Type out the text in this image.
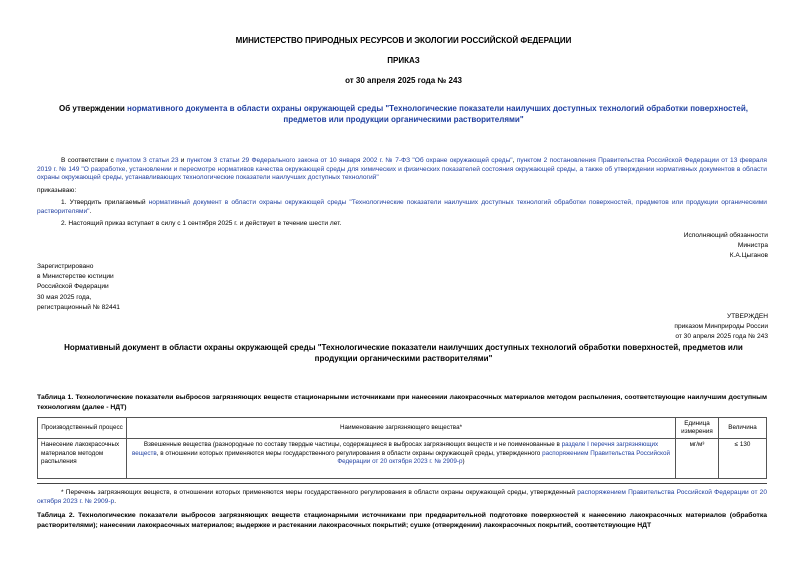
МИНИСТЕРСТВО ПРИРОДНЫХ РЕСУРСОВ И ЭКОЛОГИИ РОССИЙСКОЙ ФЕДЕРАЦИИ
ПРИКАЗ
от 30 апреля 2025 года № 243
Об утверждении нормативного документа в области охраны окружающей среды "Технологические показатели наилучших доступных технологий обработки поверхностей, предметов или продукции органическими растворителями"
В соответствии с пунктом 3 статьи 23 и пунктом 3 статьи 29 Федерального закона от 10 января 2002 г. № 7-ФЗ "Об охране окружающей среды", пунктом 2 постановления Правительства Российской Федерации от 13 февраля 2019 г. № 149 "О разработке, установлении и пересмотре нормативов качества окружающей среды для химических и физических показателей состояния окружающей среды, а также об утверждении нормативных документов в области охраны окружающей среды, устанавливающих технологические показатели наилучших доступных технологий"
приказываю:
1. Утвердить прилагаемый нормативный документ в области охраны окружающей среды "Технологические показатели наилучших доступных технологий обработки поверхностей, предметов или продукции органическими растворителями".
2. Настоящий приказ вступает в силу с 1 сентября 2025 г. и действует в течение шести лет.
Исполняющий обязанности
Министра
К.А.Цыганов
Зарегистрировано
в Министерстве юстиции
Российской Федерации
30 мая 2025 года,
регистрационный № 82441
УТВЕРЖДЕН
приказом Минприроды России
от 30 апреля 2025 года № 243
Нормативный документ в области охраны окружающей среды "Технологические показатели наилучших доступных технологий обработки поверхностей, предметов или продукции органическими растворителями"
Таблица 1. Технологические показатели выбросов загрязняющих веществ стационарными источниками при нанесении лакокрасочных материалов методом распыления, соответствующие наилучшим доступным технологиям (далее - НДТ)
Производственный процесс	Наименование загрязняющего вещества*	Единица измерения	Величина
Нанесение лакокрасочных материалов методом распыления	Взвешенные вещества (разнородные по составу твердые частицы, содержащиеся в выбросах загрязняющих веществ и не поименованные в разделе I перечня загрязняющих веществ, в отношении которых применяются меры государственного регулирования в области охраны окружающей среды, утвержденного распоряжением Правительства Российской Федерации от 20 октября 2023 г. № 2909-р)	мг/м³	≤ 130
* Перечень загрязняющих веществ, в отношении которых применяются меры государственного регулирования в области охраны окружающей среды, утвержденный распоряжением Правительства Российской Федерации от 20 октября 2023 г. № 2909-р.
Таблица 2. Технологические показатели выбросов загрязняющих веществ стационарными источниками при предварительной подготовке поверхностей к нанесению лакокрасочных материалов (обработка растворителями); нанесении лакокрасочных материалов; выдержке и растекании лакокрасочных покрытий; сушке (отверждении) лакокрасочных покрытий, соответствующие НДТ
